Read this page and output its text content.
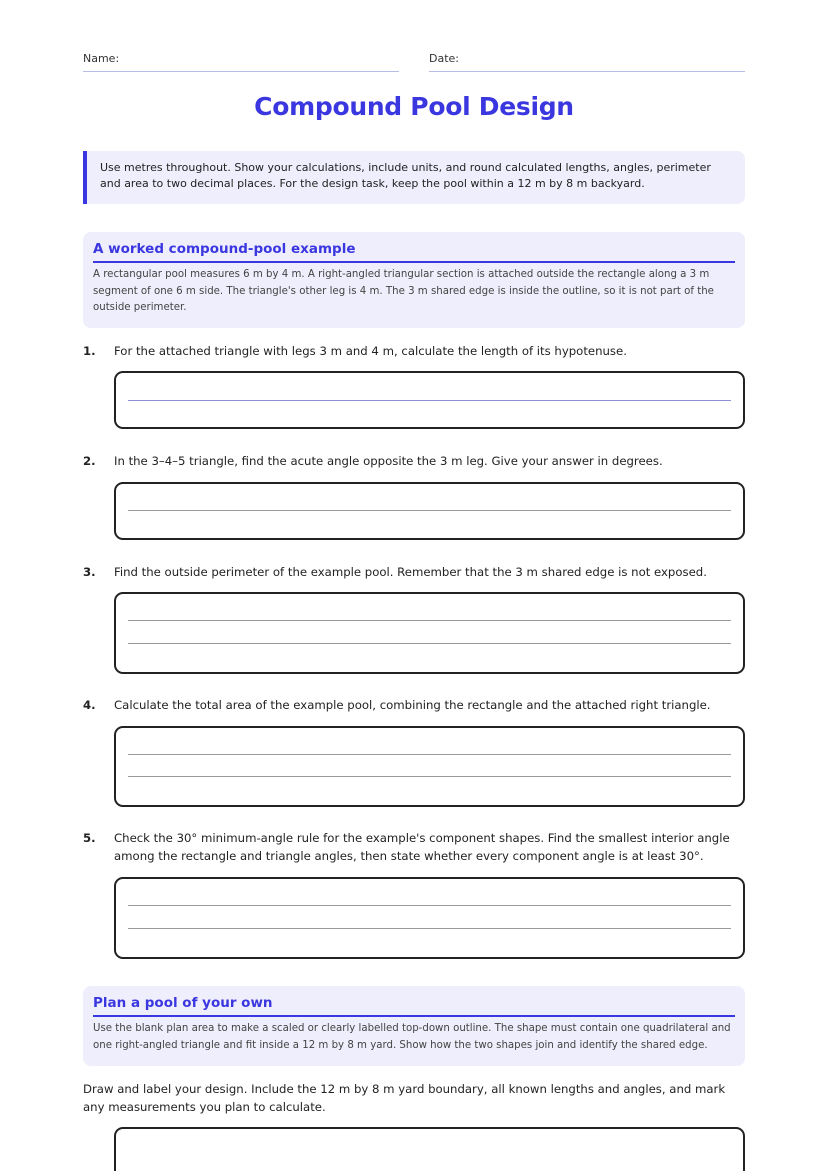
Name:	Date:
Compound Pool Design
Use metres throughout. Show your calculations, include units, and round calculated lengths, angles, perimeter and area to two decimal places. For the design task, keep the pool within a 12 m by 8 m backyard.
A worked compound-pool example
A rectangular pool measures 6 m by 4 m. A right-angled triangular section is attached outside the rectangle along a 3 m segment of one 6 m side. The triangle's other leg is 4 m. The 3 m shared edge is inside the outline, so it is not part of the outside perimeter.
1. For the attached triangle with legs 3 m and 4 m, calculate the length of its hypotenuse.
2. In the 3–4–5 triangle, find the acute angle opposite the 3 m leg. Give your answer in degrees.
3. Find the outside perimeter of the example pool. Remember that the 3 m shared edge is not exposed.
4. Calculate the total area of the example pool, combining the rectangle and the attached right triangle.
5. Check the 30° minimum-angle rule for the example's component shapes. Find the smallest interior angle among the rectangle and triangle angles, then state whether every component angle is at least 30°.
Plan a pool of your own
Use the blank plan area to make a scaled or clearly labelled top-down outline. The shape must contain one quadrilateral and one right-angled triangle and fit inside a 12 m by 8 m yard. Show how the two shapes join and identify the shared edge.
Draw and label your design. Include the 12 m by 8 m yard boundary, all known lengths and angles, and mark any measurements you plan to calculate.
